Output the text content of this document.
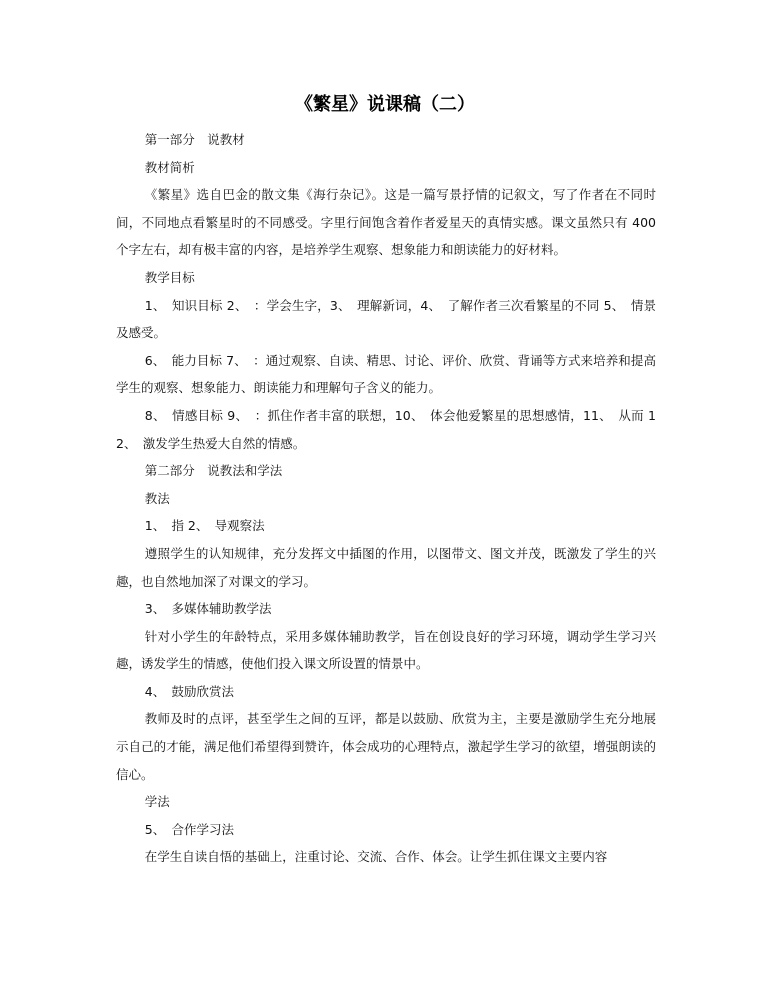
《繁星》说课稿（二）

第一部分　说教材

教材简析

《繁星》选自巴金的散文集《海行杂记》。这是一篇写景抒情的记叙文，写了作者在不同时间，不同地点看繁星时的不同感受。字里行间饱含着作者爱星天的真情实感。课文虽然只有 400 个字左右，却有极丰富的内容，是培养学生观察、想象能力和朗读能力的好材料。

教学目标

1、　知识目标 2、　：学会生字，3、　理解新词，4、　了解作者三次看繁星的不同 5、　情景及感受。

6、　能力目标 7、　：通过观察、自读、精思、讨论、评价、欣赏、背诵等方式来培养和提高学生的观察、想象能力、朗读能力和理解句子含义的能力。

8、　情感目标 9、　：抓住作者丰富的联想，10、　体会他爱繁星的思想感情，11、　从而 12、　激发学生热爱大自然的情感。

第二部分　说教法和学法

教法

1、　指 2、　导观察法

遵照学生的认知规律，充分发挥文中插图的作用，以图带文、图文并茂，既激发了学生的兴趣，也自然地加深了对课文的学习。

3、　多媒体辅助教学法

针对小学生的年龄特点，采用多媒体辅助教学，旨在创设良好的学习环境，调动学生学习兴趣，诱发学生的情感，使他们投入课文所设置的情景中。

4、　鼓励欣赏法

教师及时的点评，甚至学生之间的互评，都是以鼓励、欣赏为主，主要是激励学生充分地展示自己的才能，满足他们希望得到赞许，体会成功的心理特点，激起学生学习的欲望，增强朗读的信心。

学法

5、　合作学习法

在学生自读自悟的基础上，注重讨论、交流、合作、体会。让学生抓住课文主要内容
